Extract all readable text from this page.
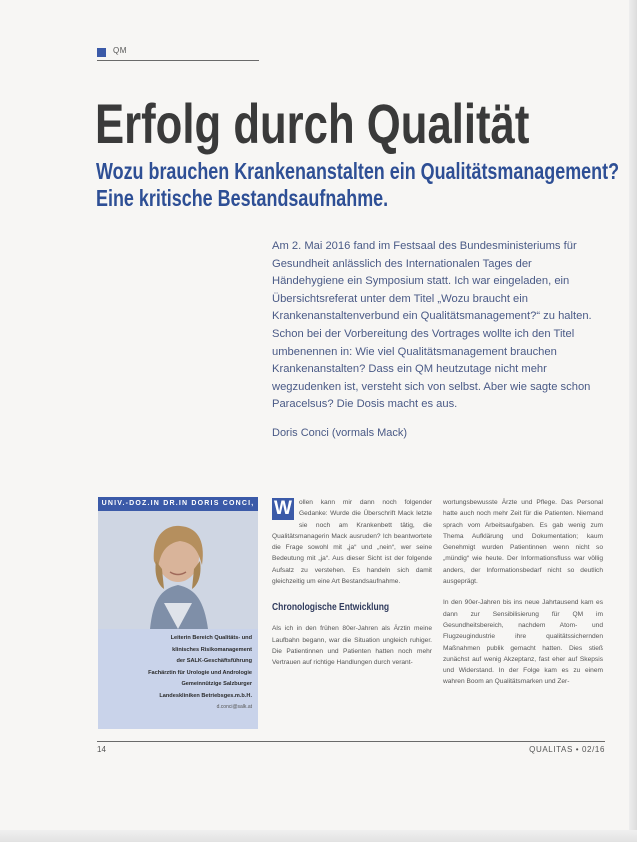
QM
Erfolg durch Qualität
Wozu brauchen Krankenanstalten ein Qualitätsmanagement?
Eine kritische Bestandsaufnahme.
Am 2. Mai 2016 fand im Festsaal des Bundesministeriums für Gesundheit anlässlich des Internationalen Tages der Händehygiene ein Symposium statt. Ich war eingeladen, ein Übersichtsreferat unter dem Titel „Wozu braucht ein Krankenanstaltenverbund ein Qualitätsmanagement?“ zu halten. Schon bei der Vorbereitung des Vortrages wollte ich den Titel umbenennen in: Wie viel Qualitätsmanagement brauchen Krankenanstalten? Dass ein QM heutzutage nicht mehr wegzudenken ist, versteht sich von selbst. Aber wie sagte schon Paracelsus? Die Dosis macht es aus.
Doris Conci (vormals Mack)
UNIV.-DOZ.IN DR.IN DORIS CONCI,
Leiterin Bereich Qualitäts- und
klinisches Risikomanagement
der SALK-Geschäftsführung
Fachärztin für Urologie und Andrologie
Gemeinnützige Salzburger
Landeskliniken Betriebsges.m.b.H.
d.conci@salk.at
W	ollen kann mir dann noch folgender Gedanke: Wurde die Überschrift Mack letzte sie noch am Krankenbett tätig, die Qualitätsmanagerin Mack ausruden? Ich beantwortete die Frage sowohl mit „ja“ und „nein“, wer seine Bedeutung mit „ja“. Aus dieser Sicht ist der folgende Aufsatz zu verstehen. Es handeln sich damit gleichzeitig um eine Art Bestandsaufnahme.
Chronologische Entwicklung
Als ich in den frühen 80er-Jahren als Ärztin meine Laufbahn begann, war die Situation ungleich ruhiger. Die Patientinnen und Patienten hatten noch mehr Vertrauen auf richtige Handlungen durch verant-
wortungsbewusste Ärzte und Pflege. Das Personal hatte auch noch mehr Zeit für die Patienten. Niemand sprach vom Arbeitsaufgaben. Es gab wenig zum Thema Aufklärung und Dokumentation; kaum Genehmigt wurden Patientinnen wenn nicht so „mündig“ wie heute. Der Informationsfluss war völlig anders, der Informationsbedarf nicht so deutlich ausgeprägt.
In den 90er-Jahren bis ins neue Jahrtausend kam es dann zur Sensibilisierung für QM im Gesundheitsbereich, nachdem Atom- und Flugzeugindustrie ihre qualitätssichernden Maßnahmen publik gemacht hatten. Dies stieß zunächst auf wenig Akzeptanz, fast eher auf Skepsis und Widerstand. In der Folge kam es zu einem wahren Boom an Qualitätsmarken und Zer-
14	QUALITAS • 02/16
